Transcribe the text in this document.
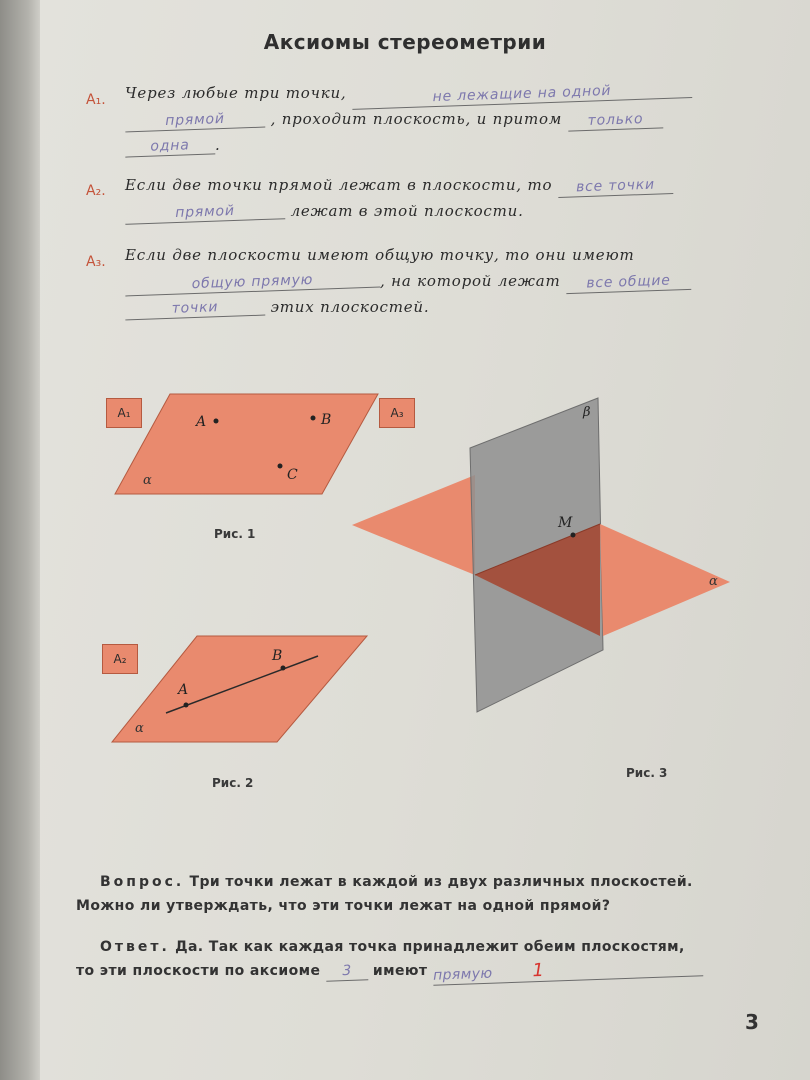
Аксиомы стереометрии
Через любые три точки,	не лежащие на одной
прямой	, проходит плоскость, и притом только
одна .
A₁.
Если две точки прямой лежат в плоскости, то все точки
прямой	лежат в этой плоскости.
A₂.
Если две плоскости имеют общую точку, то они имеют
общую прямую	, на которой лежат все общие
точки	этих плоскостей.
A₃.
A₁	A₃
A₂
A	B
C
α
A
B
α
M
α
β
Рис. 1
Рис. 2
Рис. 3
Вопрос. Три точки лежат в каждой из двух различных плоскостей.
Можно ли утверждать, что эти точки лежат на одной прямой?
Ответ. Да. Так как каждая точка принадлежит обеим плоскостям,
то эти плоскости по аксиоме 3 имеют прямую 1
3
